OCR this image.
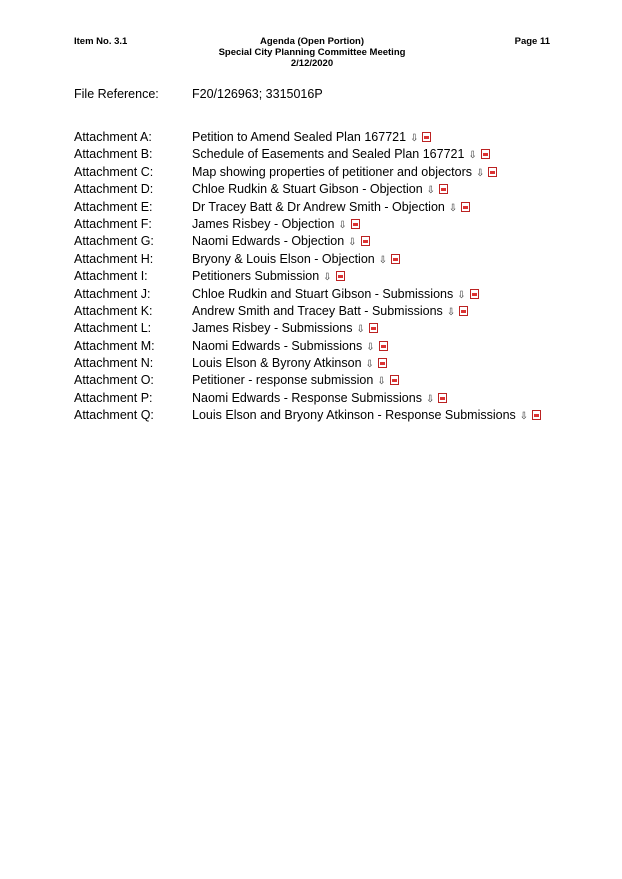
Item No. 3.1	Agenda (Open Portion)
Special City Planning Committee Meeting
2/12/2020
Page 11
File Reference:	F20/126963; 3315016P
Attachment A:	Petition to Amend Sealed Plan 167721 ⇩
Attachment B:	Schedule of Easements and Sealed Plan 167721 ⇩
Attachment C:	Map showing properties of petitioner and objectors ⇩
Attachment D:	Chloe Rudkin & Stuart Gibson - Objection ⇩
Attachment E:	Dr Tracey Batt & Dr Andrew Smith - Objection ⇩
Attachment F:	James Risbey - Objection ⇩
Attachment G:	Naomi Edwards - Objection ⇩
Attachment H:	Bryony & Louis Elson - Objection ⇩
Attachment I:	Petitioners Submission ⇩
Attachment J:	Chloe Rudkin and Stuart Gibson - Submissions ⇩
Attachment K:	Andrew Smith and Tracey Batt - Submissions ⇩
Attachment L:	James Risbey - Submissions ⇩
Attachment M:	Naomi Edwards - Submissions ⇩
Attachment N:	Louis Elson & Byrony Atkinson ⇩
Attachment O:	Petitioner - response submission ⇩
Attachment P:	Naomi Edwards - Response Submissions ⇩
Attachment Q:	Louis Elson and Bryony Atkinson - Response Submissions ⇩
